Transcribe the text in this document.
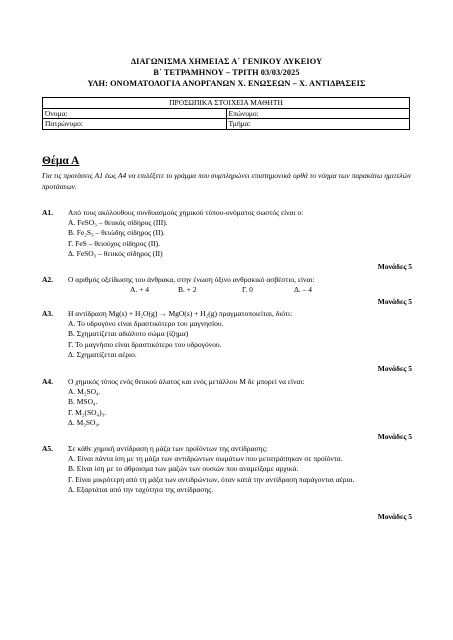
ΔΙΑΓΩΝΙΣΜΑ ΧΗΜΕΙΑΣ Α΄ ΓΕΝΙΚΟΥ ΛΥΚΕΙΟΥ
Β΄ ΤΕΤΡΑΜΗΝΟΥ – ΤΡΙΤΗ 03/03/2025
ΥΛΗ: ΟΝΟΜΑΤΟΛΟΓΙΑ ΑΝΟΡΓΑΝΩΝ Χ. ΕΝΩΣΕΩΝ – Χ. ΑΝΤΙΔΡΑΣΕΙΣ
ΠΡΟΣΩΠΙΚΑ ΣΤΟΙΧΕΙΑ ΜΑΘΗΤΗ	
Όνομα:	Επώνυμο:
Πατρώνυμο:	Τμήμα:
Θέμα Α
Για τις προτάσεις Α1 έως Α4 να επιλέξετε το γράμμα που συμπληρώνει επιστημονικά ορθά το νόημα των παρακάτω ημιτελών προτάσεων.
Α1. Από τους ακόλουθους συνδυασμούς χημικού τύπου-ονόματος σωστός είναι ο:
Α. FeSO₃ – θειικός σίδηρος (ΙΙΙ).
Β. Fe₂S₃ – θειώδης σίδηρος (ΙΙ).
Γ. FeS – θειούχος σίδηρος (ΙΙ).
Δ. FeSO₃ – θειικός σίδηρος (ΙΙ)
Μονάδες 5
Α2. Ο αριθμός οξείδωσης του άνθρακα, στην ένωση όξινο ανθρακικό ασβέστιο, είναι:
Α. + 4	Β. + 2	Γ. 0	Δ. – 4
Μονάδες 5
Α3. Η αντίδραση Mg(s) + H₂O(g) → MgO(s) + H₂(g) πραγματοποιείται, διότι:
Α. Το υδρογόνο είναι δραστικότερο του μαγνησίου.
Β. Σχηματίζεται αδιάλυτο σώμα (ίζημα)
Γ. Το μαγνήσιο είναι δραστικότερο του υδρογόνου.
Δ. Σχηματίζεται αέριο.
Μονάδες 5
Α4. Ο χημικός τύπος ενός θειικού άλατος και ενός μετάλλου Μ δε μπορεί να είναι:
Α. M₂SO₄.
Β. MSO₄.
Γ. M₂(SO₄)₃.
Δ. M₃SO₄.
Μονάδες 5
Α5. Σε κάθε χημική αντίδραση η μάζα των προϊόντων της αντίδρασης:
Α. Είναι πάντα ίση με τη μάζα των αντιδρώντων σωμάτων που μετατράπηκαν σε προϊόντα.
Β. Είναι ίση με το άθροισμα των μαζών των ουσιών που αναμείξαμε αρχικά.
Γ. Είναι μικρότερη από τη μάζα των αντιδρώντων, όταν κατά την αντίδραση παράγονται αέρια.
Δ. Εξαρτάται από την ταχύτητα της αντίδρασης.
Μονάδες 5
